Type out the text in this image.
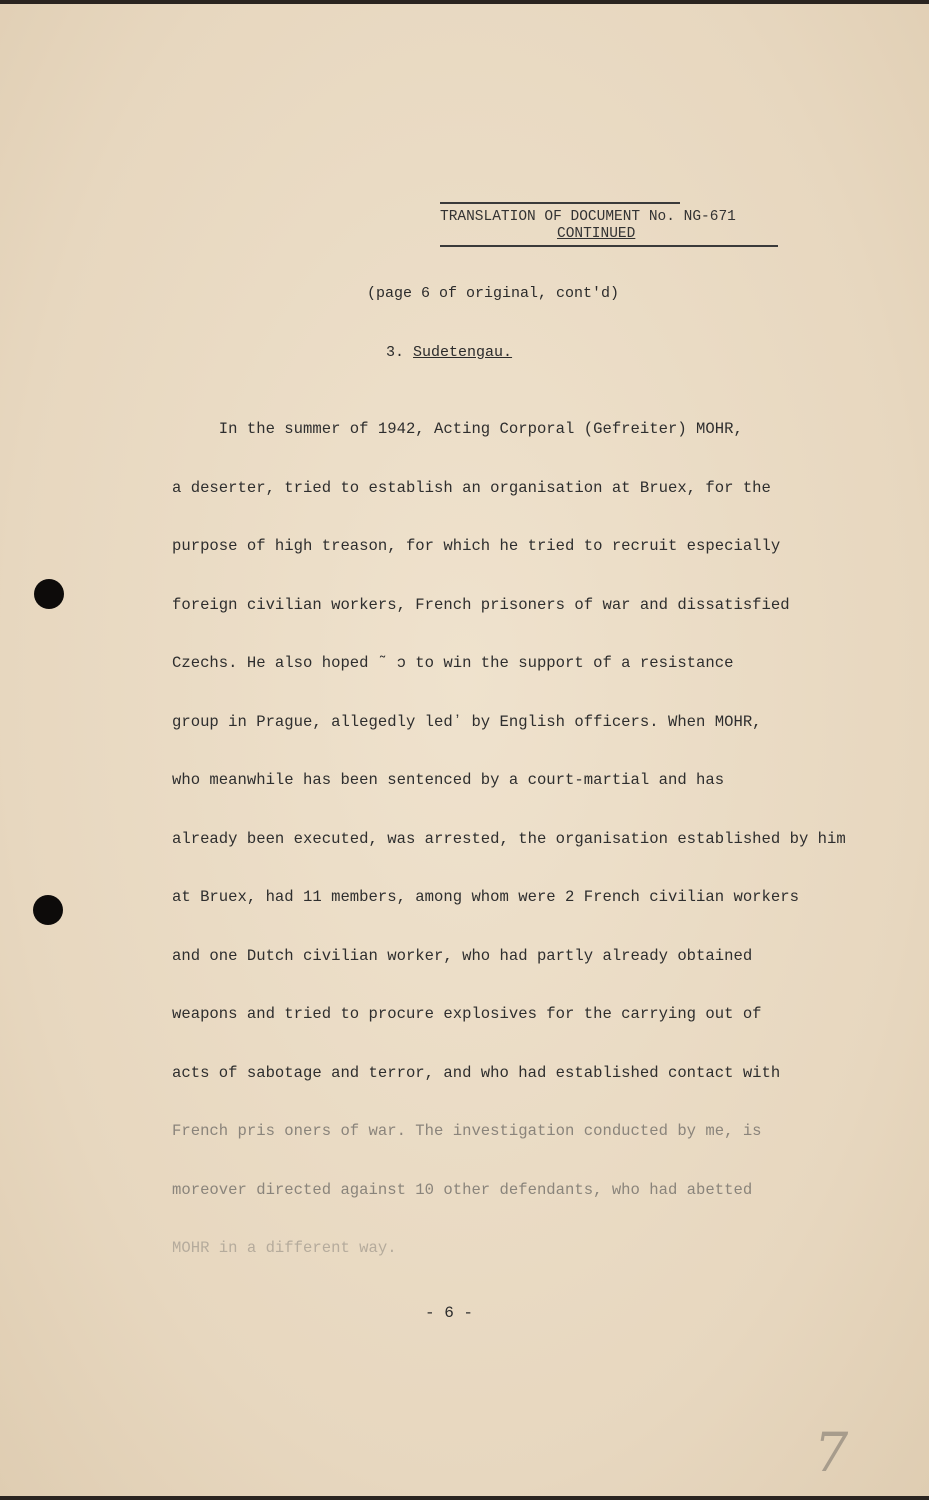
TRANSLATION OF DOCUMENT No. NG-671
CONTINUED
(page 6 of original, cont'd)
3. Sudetengau.

In the summer of 1942, Acting Corporal (Gefreiter) MOHR,

a deserter, tried to establish an organisation at Bruex, for the

purpose of high treason, for which he tried to recruit especially

foreign civilian workers, French prisoners of war and dissatisfied

Czechs. He also hoped ˜ ɔ to win the support of a resistance

group in Prague, allegedly ledʼ by English officers. When MOHR,

who meanwhile has been sentenced by a court-martial and has

already been executed, was arrested, the organisation established by him

at Bruex, had 11 members, among whom were 2 French civilian workers

and one Dutch civilian worker, who had partly already obtained

weapons and tried to procure explosives for the carrying out of

acts of sabotage and terror, and who had established contact with

French pris oners of war. The investigation conducted by me, is

moreover directed against 10 other defendants, who had abetted

MOHR in a different way.

- 6 -
7
